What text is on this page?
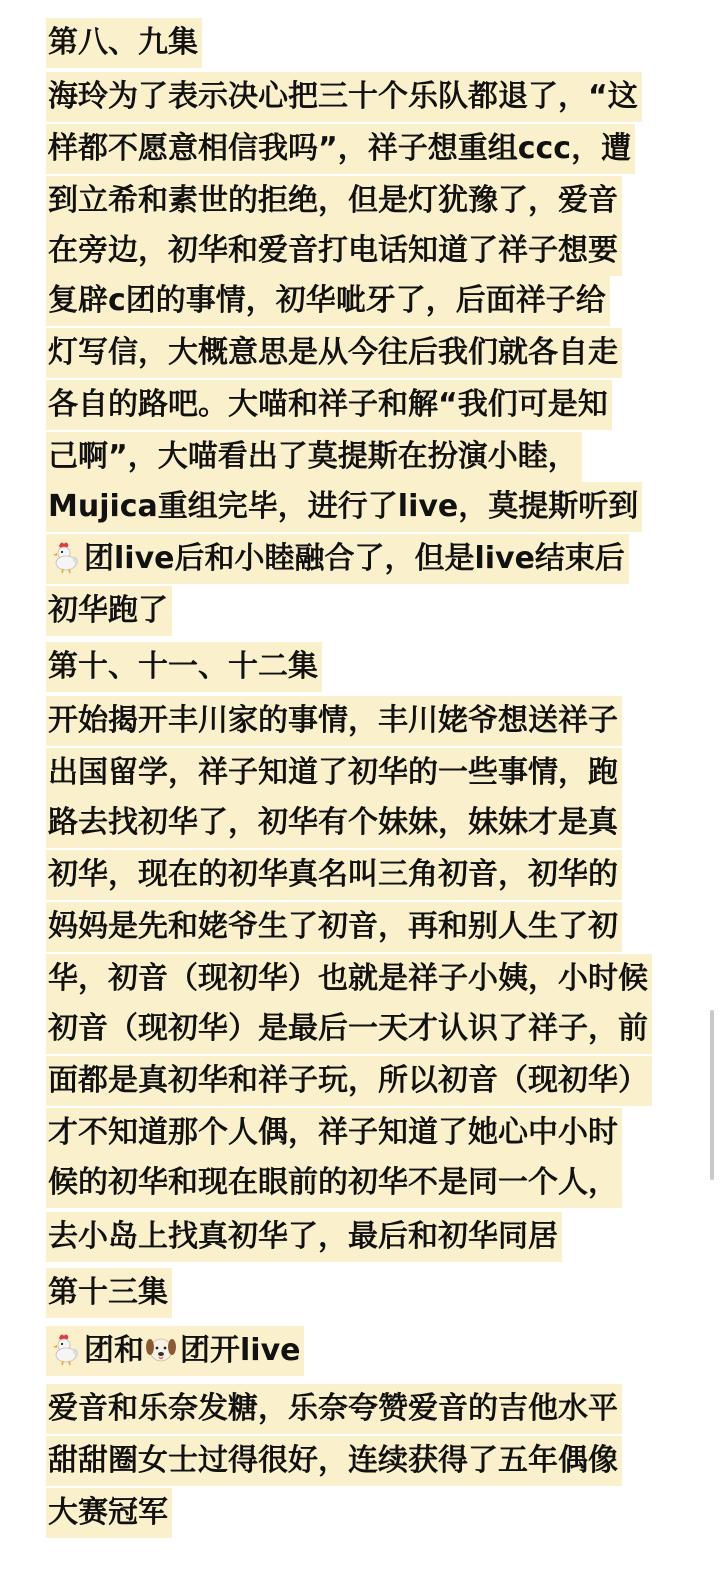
第八、九集
海玲为了表示决心把三十个乐队都退了，“这
样都不愿意相信我吗”，祥子想重组ccc，遭
到立希和素世的拒绝，但是灯犹豫了，爱音
在旁边，初华和爱音打电话知道了祥子想要
复辟c团的事情，初华呲牙了，后面祥子给
灯写信，大概意思是从今往后我们就各自走
各自的路吧。大喵和祥子和解“我们可是知
己啊”，大喵看出了莫提斯在扮演小睦，
Mujica重组完毕，进行了live，莫提斯听到
团live后和小睦融合了，但是live结束后
初华跑了
第十、十一、十二集
开始揭开丰川家的事情，丰川姥爷想送祥子
出国留学，祥子知道了初华的一些事情，跑
路去找初华了，初华有个妹妹，妹妹才是真
初华，现在的初华真名叫三角初音，初华的
妈妈是先和姥爷生了初音，再和别人生了初
华，初音（现初华）也就是祥子小姨，小时候
初音（现初华）是最后一天才认识了祥子，前
面都是真初华和祥子玩，所以初音（现初华）
才不知道那个人偶，祥子知道了她心中小时
候的初华和现在眼前的初华不是同一个人，
去小岛上找真初华了，最后和初华同居
第十三集
团和 团开live
爱音和乐奈发糖，乐奈夸赞爱音的吉他水平
甜甜圈女士过得很好，连续获得了五年偶像
大赛冠军
